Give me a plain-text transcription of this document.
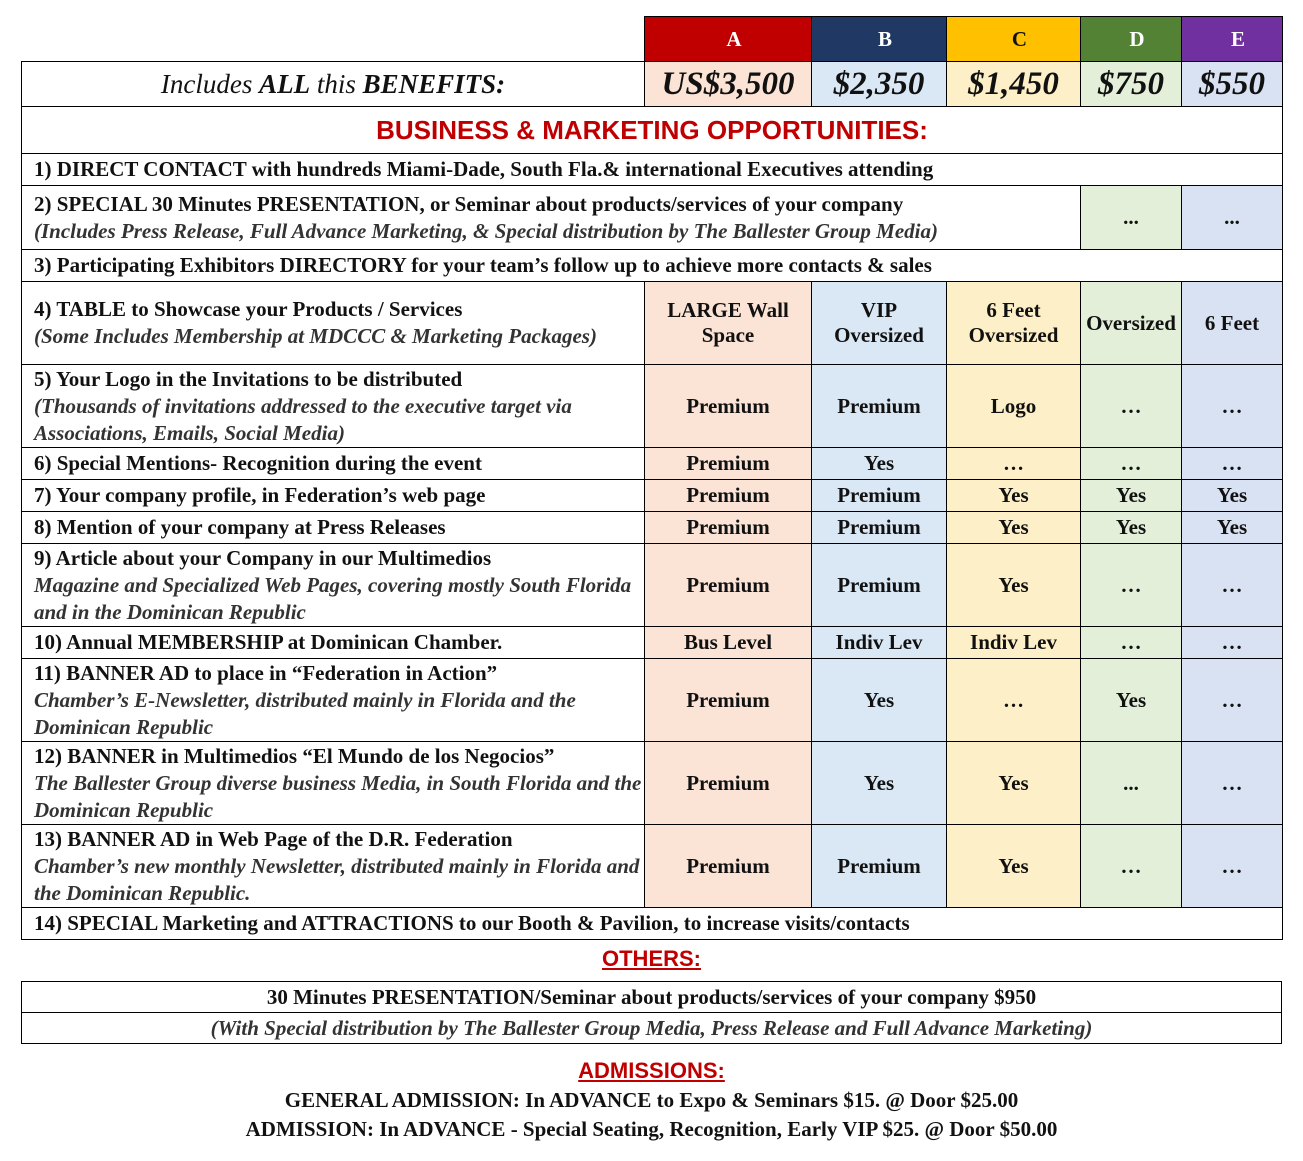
	A	B	C	D	E
Includes ALL this BENEFITS:	US$3,500	$2,350	$1,450	$750	$550
BUSINESS & MARKETING OPPORTUNITIES:					

1) DIRECT CONTACT with hundreds Miami-Dade, South Fla.& international Executives attending					

2) SPECIAL 30 Minutes PRESENTATION, or Seminar about products/services of your company
(Includes Press Release, Full Advance Marketing, & Special distribution by The Ballester Group Media)				...	...

3) Participating Exhibitors DIRECTORY for your team’s follow up to achieve more contacts & sales					

4) TABLE to Showcase your Products / Services
(Some Includes Membership at MDCCC & Marketing Packages)	LARGE Wall Space	VIP Oversized	6 Feet Oversized	Oversized	6 Feet

5) Your Logo in the Invitations to be distributed
(Thousands of invitations addressed to the executive target via Associations, Emails, Social Media)	Premium	Premium	Logo	…	…

6) Special Mentions- Recognition during the event	Premium	Yes	…	…	…

7) Your company profile, in Federation’s web page	Premium	Premium	Yes	Yes	Yes

8) Mention of your company at Press Releases	Premium	Premium	Yes	Yes	Yes

9) Article about your Company in our Multimedios
Magazine and Specialized Web Pages, covering mostly South Florida and in the Dominican Republic	Premium	Premium	Yes	…	…

10) Annual MEMBERSHIP at Dominican Chamber.	Bus Level	Indiv Lev	Indiv Lev	…	…

11) BANNER AD to place in “Federation in Action”
Chamber’s E-Newsletter, distributed mainly in Florida and the Dominican Republic	Premium	Yes	…	Yes	…

12) BANNER in Multimedios “El Mundo de los Negocios”
The Ballester Group diverse business Media, in South Florida and the Dominican Republic	Premium	Yes	Yes	...	…

13) BANNER AD in Web Page of the D.R. Federation
Chamber’s new monthly Newsletter, distributed mainly in Florida and the Dominican Republic.	Premium	Premium	Yes	…	…

14) SPECIAL Marketing and ATTRACTIONS to our Booth & Pavilion, to increase visits/contacts					
OTHERS:
30 Minutes PRESENTATION/Seminar about products/services of your company $950
(With Special distribution by The Ballester Group Media, Press Release and Full Advance Marketing)
ADMISSIONS:
GENERAL ADMISSION: In ADVANCE to Expo & Seminars $15. @ Door $25.00
ADMISSION: In ADVANCE - Special Seating, Recognition, Early VIP $25. @ Door $50.00
